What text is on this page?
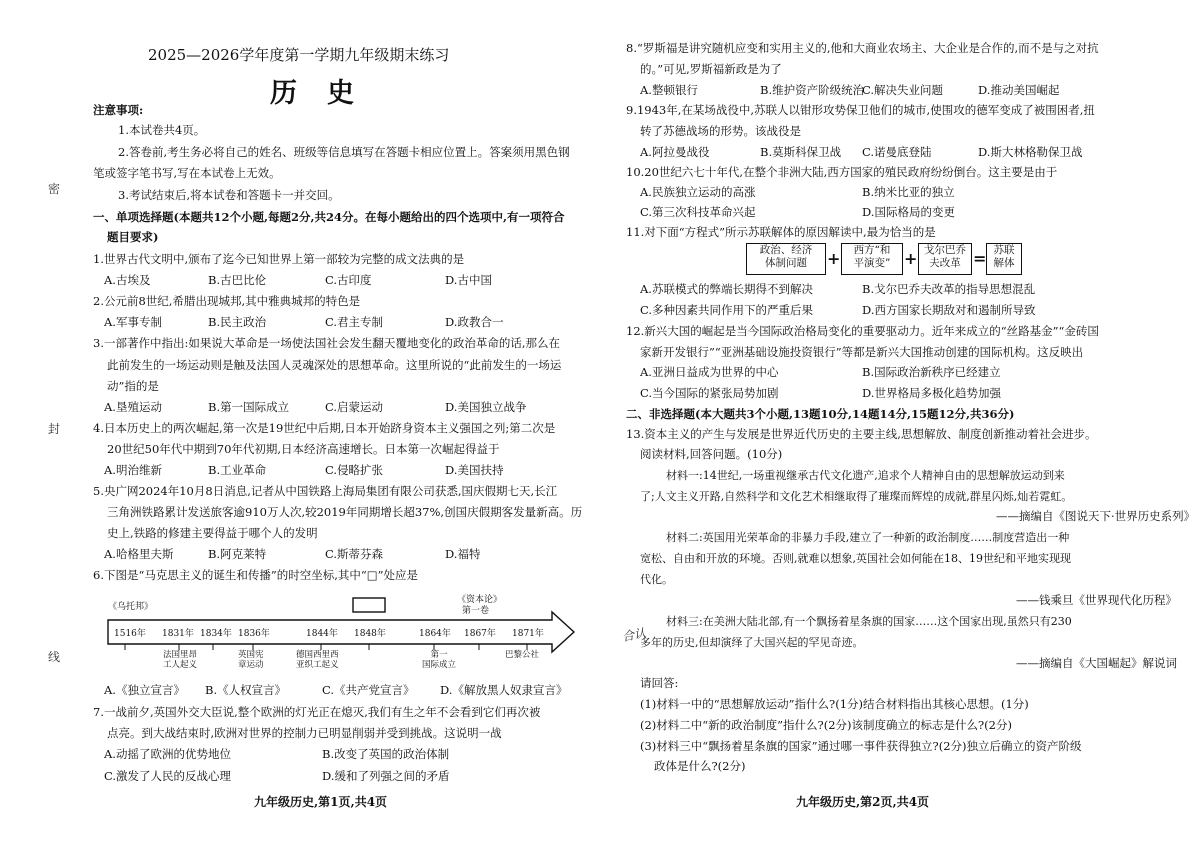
密
封
线
2025—2026学年度第一学期九年级期末练习
历史
注意事项:
1.本试卷共4页。
2.答卷前,考生务必将自己的姓名、班级等信息填写在答题卡相应位置上。答案须用黑色钢
笔或签字笔书写,写在本试卷上无效。
3.考试结束后,将本试卷和答题卡一并交回。
一、单项选择题(本题共12个小题,每题2分,共24分。在每小题给出的四个选项中,有一项符合
题目要求)
1.世界古代文明中,颁布了迄今已知世界上第一部较为完整的成文法典的是
A.古埃及	B.古巴比伦	C.古印度	D.古中国
2.公元前8世纪,希腊出现城邦,其中雅典城邦的特色是
A.军事专制	B.民主政治	C.君主专制	D.政教合一
3.一部著作中指出:如果说大革命是一场使法国社会发生翻天覆地变化的政治革命的话,那么在
此前发生的一场运动则是触及法国人灵魂深处的思想革命。这里所说的“此前发生的一场运
动”指的是
A.垦殖运动	B.第一国际成立	C.启蒙运动	D.美国独立战争
4.日本历史上的两次崛起,第一次是19世纪中后期,日本开始跻身资本主义强国之列;第二次是
20世纪50年代中期到70年代初期,日本经济高速增长。日本第一次崛起得益于
A.明治维新	B.工业革命	C.侵略扩张	D.美国扶持
5.央广网2024年10月8日消息,记者从中国铁路上海局集团有限公司获悉,国庆假期七天,长江
三角洲铁路累计发送旅客逾910万人次,较2019年同期增长超37%,创国庆假期客发量新高。历
史上,铁路的修建主要得益于哪个人的发明
A.哈格里夫斯	B.阿克莱特	C.斯蒂芬森	D.福特
6.下图是“马克思主义的诞生和传播”的时空坐标,其中“□”处应是
《乌托邦》
《资本论》
第一卷
1516年 1831年 1834年 1836年	1844年 1848年	1864年 1867年 1871年
法国里昂
工人起义
英国宪
章运动
德国西里西
亚织工起义
第一
国际成立
巴黎公社
A.《独立宣言》 B.《人权宣言》	C.《共产党宣言》 D.《解放黑人奴隶宣言》
7.一战前夕,英国外交大臣说,整个欧洲的灯光正在熄灭,我们有生之年不会看到它们再次被
点亮。到大战结束时,欧洲对世界的控制力已明显削弱并受到挑战。这说明一战
A.动摇了欧洲的优势地位	B.改变了英国的政治体制
C.激发了人民的反战心理	D.缓和了列强之间的矛盾
九年级历史,第1页,共4页
8.“罗斯福是讲究随机应变和实用主义的,他和大商业农场主、大企业是合作的,而不是与之对抗
的。”可见,罗斯福新政是为了
A.整顿银行	B.维护资产阶级统治
C.解决失业问题	D.推动美国崛起
9.1943年,在某场战役中,苏联人以钳形攻势保卫他们的城市,使围攻的德军变成了被围困者,扭
转了苏德战场的形势。该战役是
A.阿拉曼战役	B.莫斯科保卫战 C.诺曼底登陆	D.斯大林格勒保卫战
10.20世纪六七十年代,在整个非洲大陆,西方国家的殖民政府纷纷倒台。这主要是由于
A.民族独立运动的高涨	B.纳米比亚的独立
C.第三次科技革命兴起	D.国际格局的变更
11.对下面“方程式”所示苏联解体的原因解读中,最为恰当的是
政治、经济
体制问题	+	西方“和
平演变” + 戈尔巴乔
夫改革 = 苏联
解体
A.苏联模式的弊端长期得不到解决	B.戈尔巴乔夫改革的指导思想混乱
C.多种因素共同作用下的严重后果	D.西方国家长期敌对和遏制所导致
12.新兴大国的崛起是当今国际政治格局变化的重要驱动力。近年来成立的“丝路基金”“金砖国
家新开发银行”“亚洲基础设施投资银行”等都是新兴大国推动创建的国际机构。这反映出
A.亚洲日益成为世界的中心	B.国际政治新秩序已经建立
C.当今国际的紧张局势加剧	D.世界格局多极化趋势加强
二、非选择题(本大题共3个小题,13题10分,14题14分,15题12分,共36分)
13.资本主义的产生与发展是世界近代历史的主要主线,思想解放、制度创新推动着社会进步。
阅读材料,回答问题。(10分)
材料一:14世纪,一场重视继承古代文化遗产,追求个人精神自由的思想解放运动到来
了;人文主义开路,自然科学和文化艺术相继取得了璀璨而辉煌的成就,群星闪烁,灿若霓虹。
——摘编自《图说天下·世界历史系列》
材料二:英国用光荣革命的非暴力手段,建立了一种新的政治制度……制度营造出一种
宽松、自由和开放的环境。否则,就难以想象,英国社会如何能在18、19世纪和平地实现现
代化。
——钱乘旦《世界现代化历程》
材料三:在美洲大陆北部,有一个飘扬着星条旗的国家……这个国家出现,虽然只有230
合认
多年的历史,但却演绎了大国兴起的罕见奇迹。
——摘编自《大国崛起》解说词
请回答:
(1)材料一中的“思想解放运动”指什么?(1分)结合材料指出其核心思想。(1分)
(2)材料二中“新的政治制度”指什么?(2分)该制度确立的标志是什么?(2分)
(3)材料三中“飘扬着星条旗的国家”通过哪一事件获得独立?(2分)独立后确立的资产阶级
政体是什么?(2分)
九年级历史,第2页,共4页
